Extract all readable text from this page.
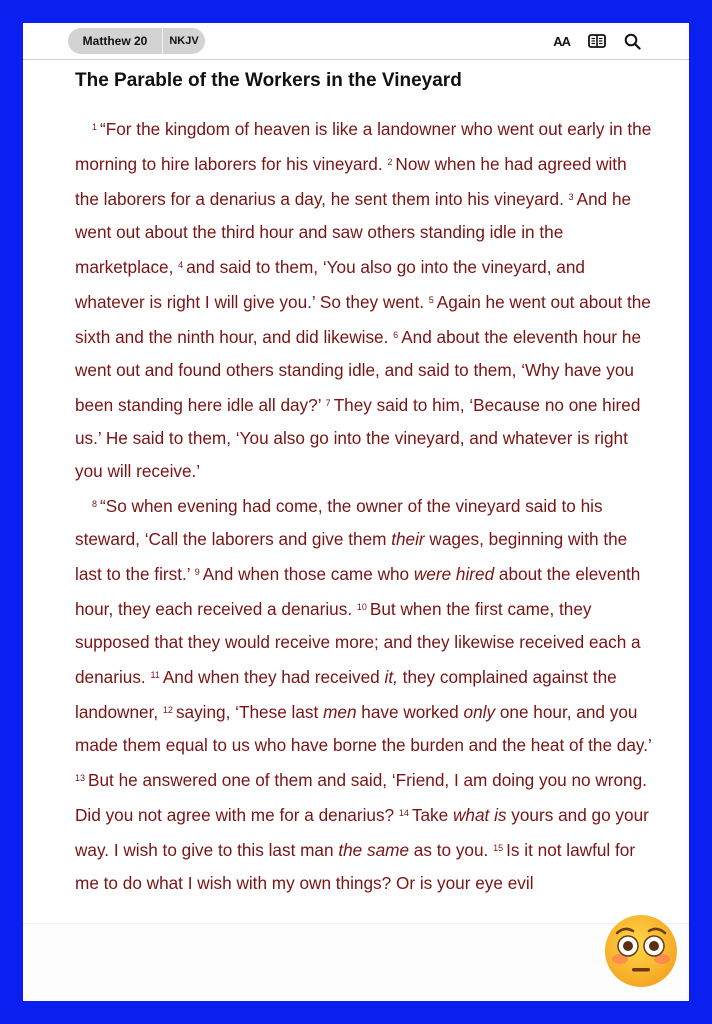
Matthew 20	NKJV	AA
The Parable of the Workers in the Vineyard

$^1$ “For the kingdom of heaven is like a landowner who went out early in the morning to hire laborers for his vineyard. $^2$ Now when he had agreed with the laborers for a denarius a day, he sent them into his vineyard. $^3$ And he went out about the third hour and saw others standing idle in the marketplace, $^4$ and said to them, ‘You also go into the vineyard, and whatever is right I will give you.’ So they went. $^5$ Again he went out about the sixth and the ninth hour, and did likewise. $^6$ And about the eleventh hour he went out and found others standing idle, and said to them, ‘Why have you been standing here idle all day?’ $^7$ They said to him, ‘Because no one hired us.’ He said to them, ‘You also go into the vineyard, and whatever is right you will receive.’

$^8$ “So when evening had come, the owner of the vineyard said to his steward, ‘Call the laborers and give them their wages, beginning with the last to the first.’ $^9$ And when those came who were hired about the eleventh hour, they each received a denarius. $^{10}$ But when the first came, they supposed that they would receive more; and they likewise received each a denarius. $^{11}$ And when they had received it, they complained against the landowner, $^{12}$ saying, ‘These last men have worked only one hour, and you made them equal to us who have borne the burden and the heat of the day.’ $^{13}$ But he answered one of them and said, ‘Friend, I am doing you no wrong. Did you not agree with me for a denarius? $^{14}$ Take what is yours and go your way. I wish to give to this last man the same as to you. $^{15}$ Is it not lawful for me to do what I wish with my own things? Or is your eye evil
